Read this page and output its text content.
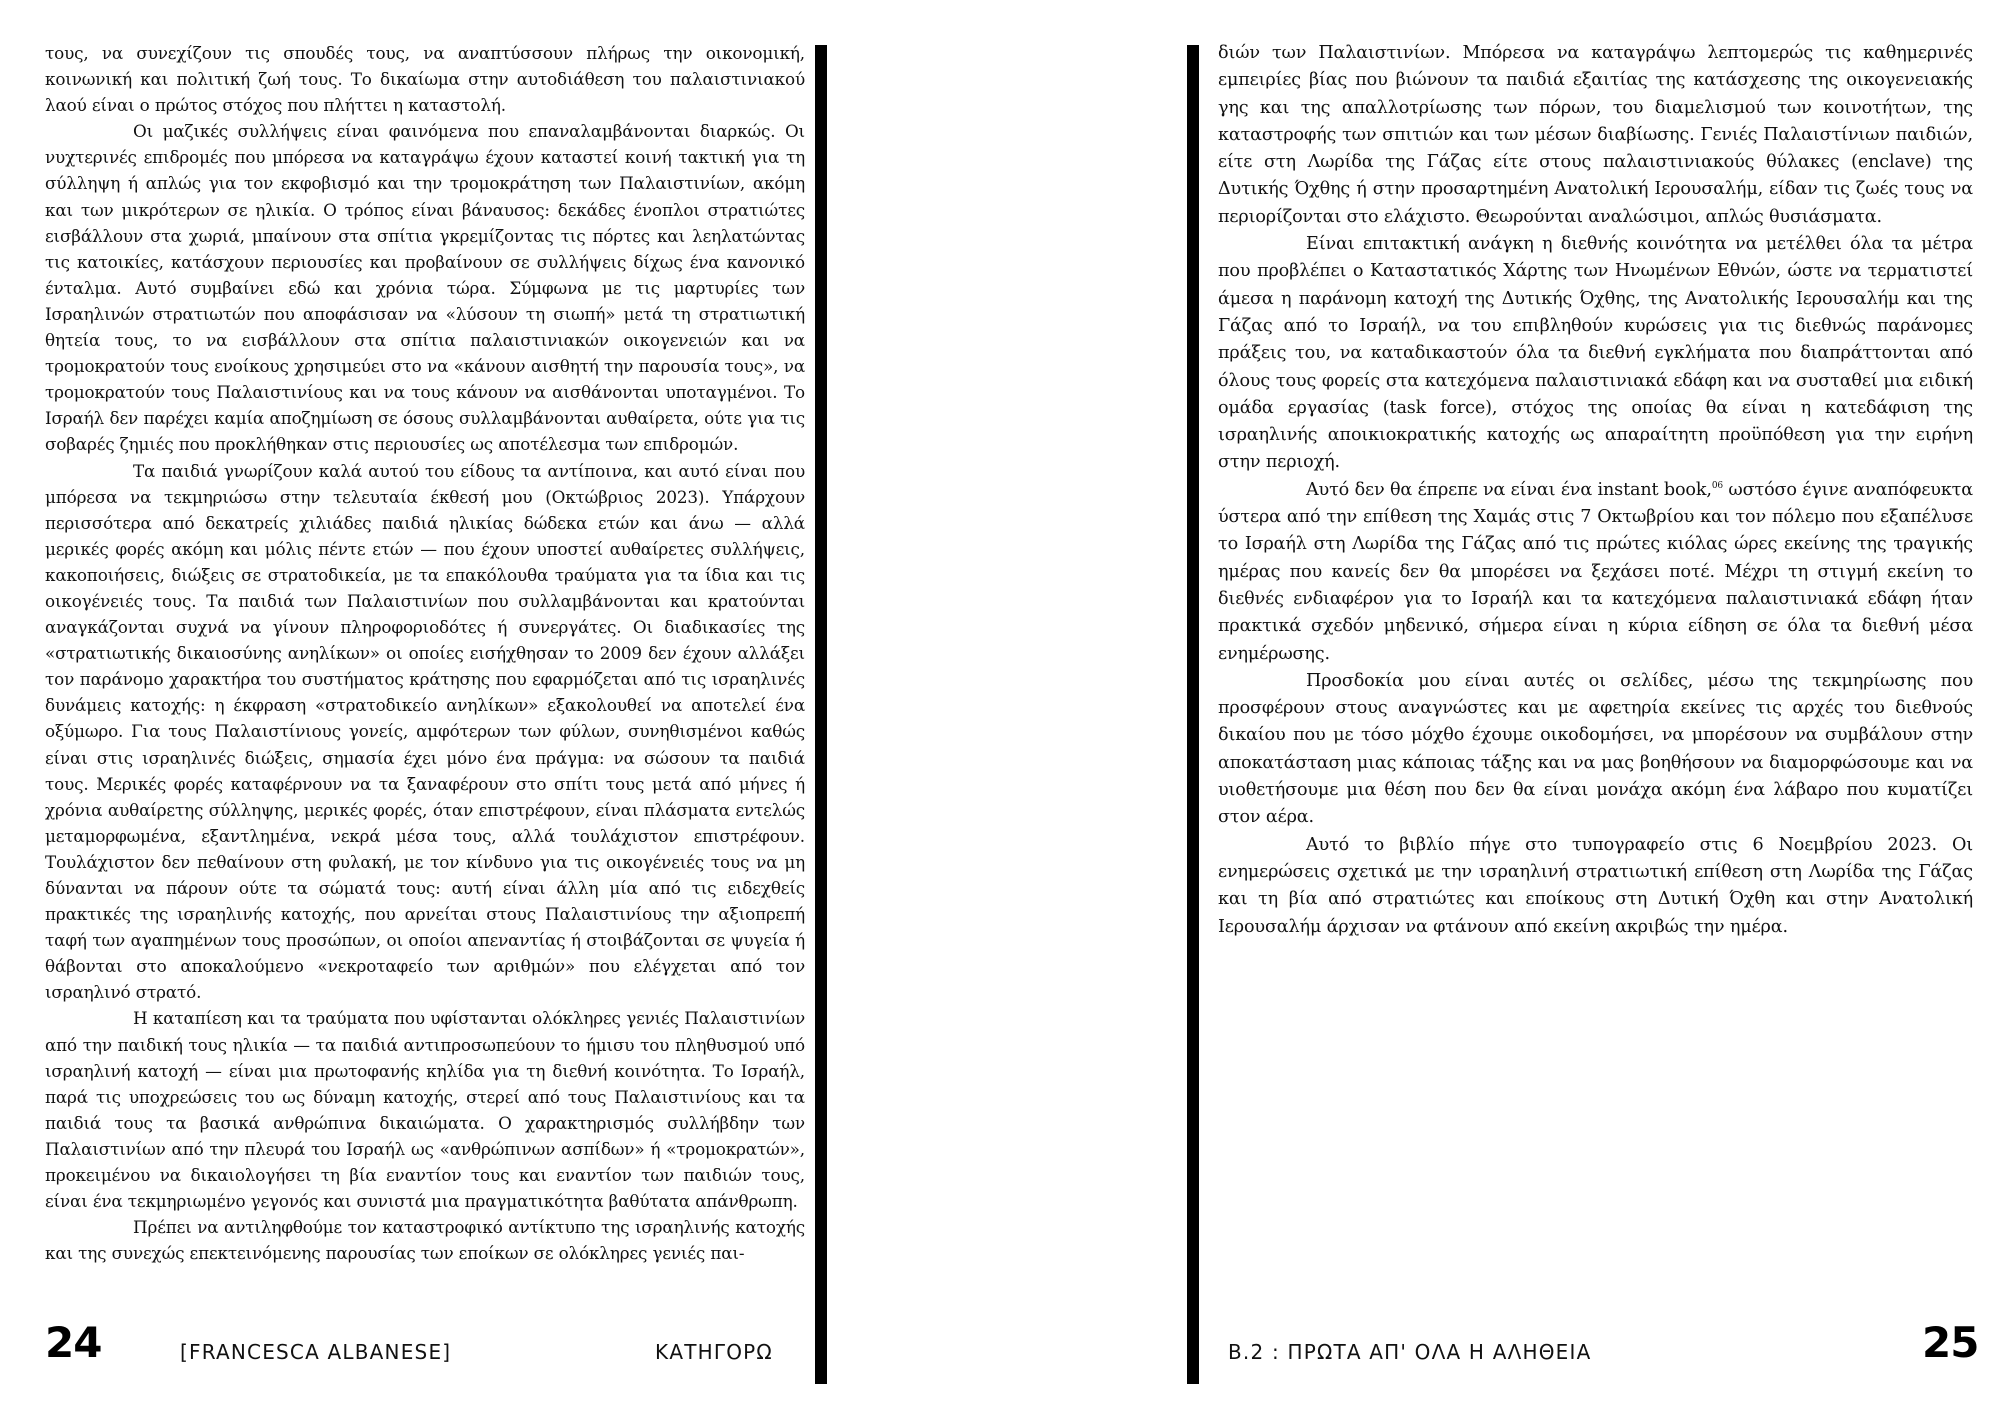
τους, να συνεχίζουν τις σπουδές τους, να αναπτύσσουν πλήρως την οικονομική, κοινωνική και πολιτική ζωή τους. Το δικαίωμα στην αυτοδιάθεση του παλαιστινιακού λαού είναι ο πρώτος στόχος που πλήττει η καταστολή.

Οι μαζικές συλλήψεις είναι φαινόμενα που επαναλαμβάνονται διαρκώς. Οι νυχτερινές επιδρομές που μπόρεσα να καταγράψω έχουν καταστεί κοινή τακτική για τη σύλληψη ή απλώς για τον εκφοβισμό και την τρομοκράτηση των Παλαιστινίων, ακόμη και των μικρότερων σε ηλικία. Ο τρόπος είναι βάναυσος: δεκάδες ένοπλοι στρατιώτες εισβάλλουν στα χωριά, μπαίνουν στα σπίτια γκρεμίζοντας τις πόρτες και λεηλατώντας τις κατοικίες, κατάσχουν περιουσίες και προβαίνουν σε συλλήψεις δίχως ένα κανονικό ένταλμα. Αυτό συμβαίνει εδώ και χρόνια τώρα. Σύμφωνα με τις μαρτυρίες των Ισραηλινών στρατιωτών που αποφάσισαν να «λύσουν τη σιωπή» μετά τη στρατιωτική θητεία τους, το να εισβάλλουν στα σπίτια παλαιστινιακών οικογενειών και να τρομοκρατούν τους ενοίκους χρησιμεύει στο να «κάνουν αισθητή την παρουσία τους», να τρομοκρατούν τους Παλαιστινίους και να τους κάνουν να αισθάνονται υποταγμένοι. Το Ισραήλ δεν παρέχει καμία αποζημίωση σε όσους συλλαμβάνονται αυθαίρετα, ούτε για τις σοβαρές ζημιές που προκλήθηκαν στις περιουσίες ως αποτέλεσμα των επιδρομών.

Τα παιδιά γνωρίζουν καλά αυτού του είδους τα αντίποινα, και αυτό είναι που μπόρεσα να τεκμηριώσω στην τελευταία έκθεσή μου (Οκτώβριος 2023). Υπάρχουν περισσότερα από δεκατρείς χιλιάδες παιδιά ηλικίας δώδεκα ετών και άνω — αλλά μερικές φορές ακόμη και μόλις πέντε ετών — που έχουν υποστεί αυθαίρετες συλλήψεις, κακοποιήσεις, διώξεις σε στρατοδικεία, με τα επακόλουθα τραύματα για τα ίδια και τις οικογένειές τους. Τα παιδιά των Παλαιστινίων που συλλαμβάνονται και κρατούνται αναγκάζονται συχνά να γίνουν πληροφοριοδότες ή συνεργάτες. Οι διαδικασίες της «στρατιωτικής δικαιοσύνης ανηλίκων» οι οποίες εισήχθησαν το 2009 δεν έχουν αλλάξει τον παράνομο χαρακτήρα του συστήματος κράτησης που εφαρμόζεται από τις ισραηλινές δυνάμεις κατοχής: η έκφραση «στρατοδικείο ανηλίκων» εξακολουθεί να αποτελεί ένα οξύμωρο. Για τους Παλαιστίνιους γονείς, αμφότερων των φύλων, συνηθισμένοι καθώς είναι στις ισραηλινές διώξεις, σημασία έχει μόνο ένα πράγμα: να σώσουν τα παιδιά τους. Μερικές φορές καταφέρνουν να τα ξαναφέρουν στο σπίτι τους μετά από μήνες ή χρόνια αυθαίρετης σύλληψης, μερικές φορές, όταν επιστρέφουν, είναι πλάσματα εντελώς μεταμορφωμένα, εξαντλημένα, νεκρά μέσα τους, αλλά τουλάχιστον επιστρέφουν. Τουλάχιστον δεν πεθαίνουν στη φυλακή, με τον κίνδυνο για τις οικογένειές τους να μη δύνανται να πάρουν ούτε τα σώματά τους: αυτή είναι άλλη μία από τις ειδεχθείς πρακτικές της ισραηλινής κατοχής, που αρνείται στους Παλαιστινίους την αξιοπρεπή ταφή των αγαπημένων τους προσώπων, οι οποίοι απεναντίας ή στοιβάζονται σε ψυγεία ή θάβονται στο αποκαλούμενο «νεκροταφείο των αριθμών» που ελέγχεται από τον ισραηλινό στρατό.

Η καταπίεση και τα τραύματα που υφίστανται ολόκληρες γενιές Παλαιστινίων από την παιδική τους ηλικία — τα παιδιά αντιπροσωπεύουν το ήμισυ του πληθυσμού υπό ισραηλινή κατοχή — είναι μια πρωτοφανής κηλίδα για τη διεθνή κοινότητα. Το Ισραήλ, παρά τις υποχρεώσεις του ως δύναμη κατοχής, στερεί από τους Παλαιστινίους και τα παιδιά τους τα βασικά ανθρώπινα δικαιώματα. Ο χαρακτηρισμός συλλήβδην των Παλαιστινίων από την πλευρά του Ισραήλ ως «ανθρώπινων ασπίδων» ή «τρομοκρατών», προκειμένου να δικαιολογήσει τη βία εναντίον τους και εναντίον των παιδιών τους, είναι ένα τεκμηριωμένο γεγονός και συνιστά μια πραγματικότητα βαθύτατα απάνθρωπη.

Πρέπει να αντιληφθούμε τον καταστροφικό αντίκτυπο της ισραηλινής κατοχής και της συνεχώς επεκτεινόμενης παρουσίας των εποίκων σε ολόκληρες γενιές παι-

24	[FRANCESCA ALBANESE]	ΚΑΤΗΓΟΡΩ

διών των Παλαιστινίων. Μπόρεσα να καταγράψω λεπτομερώς τις καθημερινές εμπειρίες βίας που βιώνουν τα παιδιά εξαιτίας της κατάσχεσης της οικογενειακής γης και της απαλλοτρίωσης των πόρων, του διαμελισμού των κοινοτήτων, της καταστροφής των σπιτιών και των μέσων διαβίωσης. Γενιές Παλαιστίνιων παιδιών, είτε στη Λωρίδα της Γάζας είτε στους παλαιστινιακούς θύλακες (enclave) της Δυτικής Όχθης ή στην προσαρτημένη Ανατολική Ιερουσαλήμ, είδαν τις ζωές τους να περιορίζονται στο ελάχιστο. Θεωρούνται αναλώσιμοι, απλώς θυσιάσματα.

Είναι επιτακτική ανάγκη η διεθνής κοινότητα να μετέλθει όλα τα μέτρα που προβλέπει ο Καταστατικός Χάρτης των Ηνωμένων Εθνών, ώστε να τερματιστεί άμεσα η παράνομη κατοχή της Δυτικής Όχθης, της Ανατολικής Ιερουσαλήμ και της Γάζας από το Ισραήλ, να του επιβληθούν κυρώσεις για τις διεθνώς παράνομες πράξεις του, να καταδικαστούν όλα τα διεθνή εγκλήματα που διαπράττονται από όλους τους φορείς στα κατεχόμενα παλαιστινιακά εδάφη και να συσταθεί μια ειδική ομάδα εργασίας (task force), στόχος της οποίας θα είναι η κατεδάφιση της ισραηλινής αποικιοκρατικής κατοχής ως απαραίτητη προϋπόθεση για την ειρήνη στην περιοχή.

Αυτό δεν θα έπρεπε να είναι ένα instant book,$^{06}$ ωστόσο έγινε αναπόφευκτα ύστερα από την επίθεση της Χαμάς στις 7 Οκτωβρίου και τον πόλεμο που εξαπέλυσε το Ισραήλ στη Λωρίδα της Γάζας από τις πρώτες κιόλας ώρες εκείνης της τραγικής ημέρας που κανείς δεν θα μπορέσει να ξεχάσει ποτέ. Μέχρι τη στιγμή εκείνη το διεθνές ενδιαφέρον για το Ισραήλ και τα κατεχόμενα παλαιστινιακά εδάφη ήταν πρακτικά σχεδόν μηδενικό, σήμερα είναι η κύρια είδηση σε όλα τα διεθνή μέσα ενημέρωσης.

Προσδοκία μου είναι αυτές οι σελίδες, μέσω της τεκμηρίωσης που προσφέρουν στους αναγνώστες και με αφετηρία εκείνες τις αρχές του διεθνούς δικαίου που με τόσο μόχθο έχουμε οικοδομήσει, να μπορέσουν να συμβάλουν στην αποκατάσταση μιας κάποιας τάξης και να μας βοηθήσουν να διαμορφώσουμε και να υιοθετήσουμε μια θέση που δεν θα είναι μονάχα ακόμη ένα λάβαρο που κυματίζει στον αέρα.

Αυτό το βιβλίο πήγε στο τυπογραφείο στις 6 Νοεμβρίου 2023. Οι ενημερώσεις σχετικά με την ισραηλινή στρατιωτική επίθεση στη Λωρίδα της Γάζας και τη βία από στρατιώτες και εποίκους στη Δυτική Όχθη και στην Ανατολική Ιερουσαλήμ άρχισαν να φτάνουν από εκείνη ακριβώς την ημέρα.

B.2 : ΠΡΩΤΑ ΑΠ' ΟΛΑ Η ΑΛΗΘΕΙΑ	25
